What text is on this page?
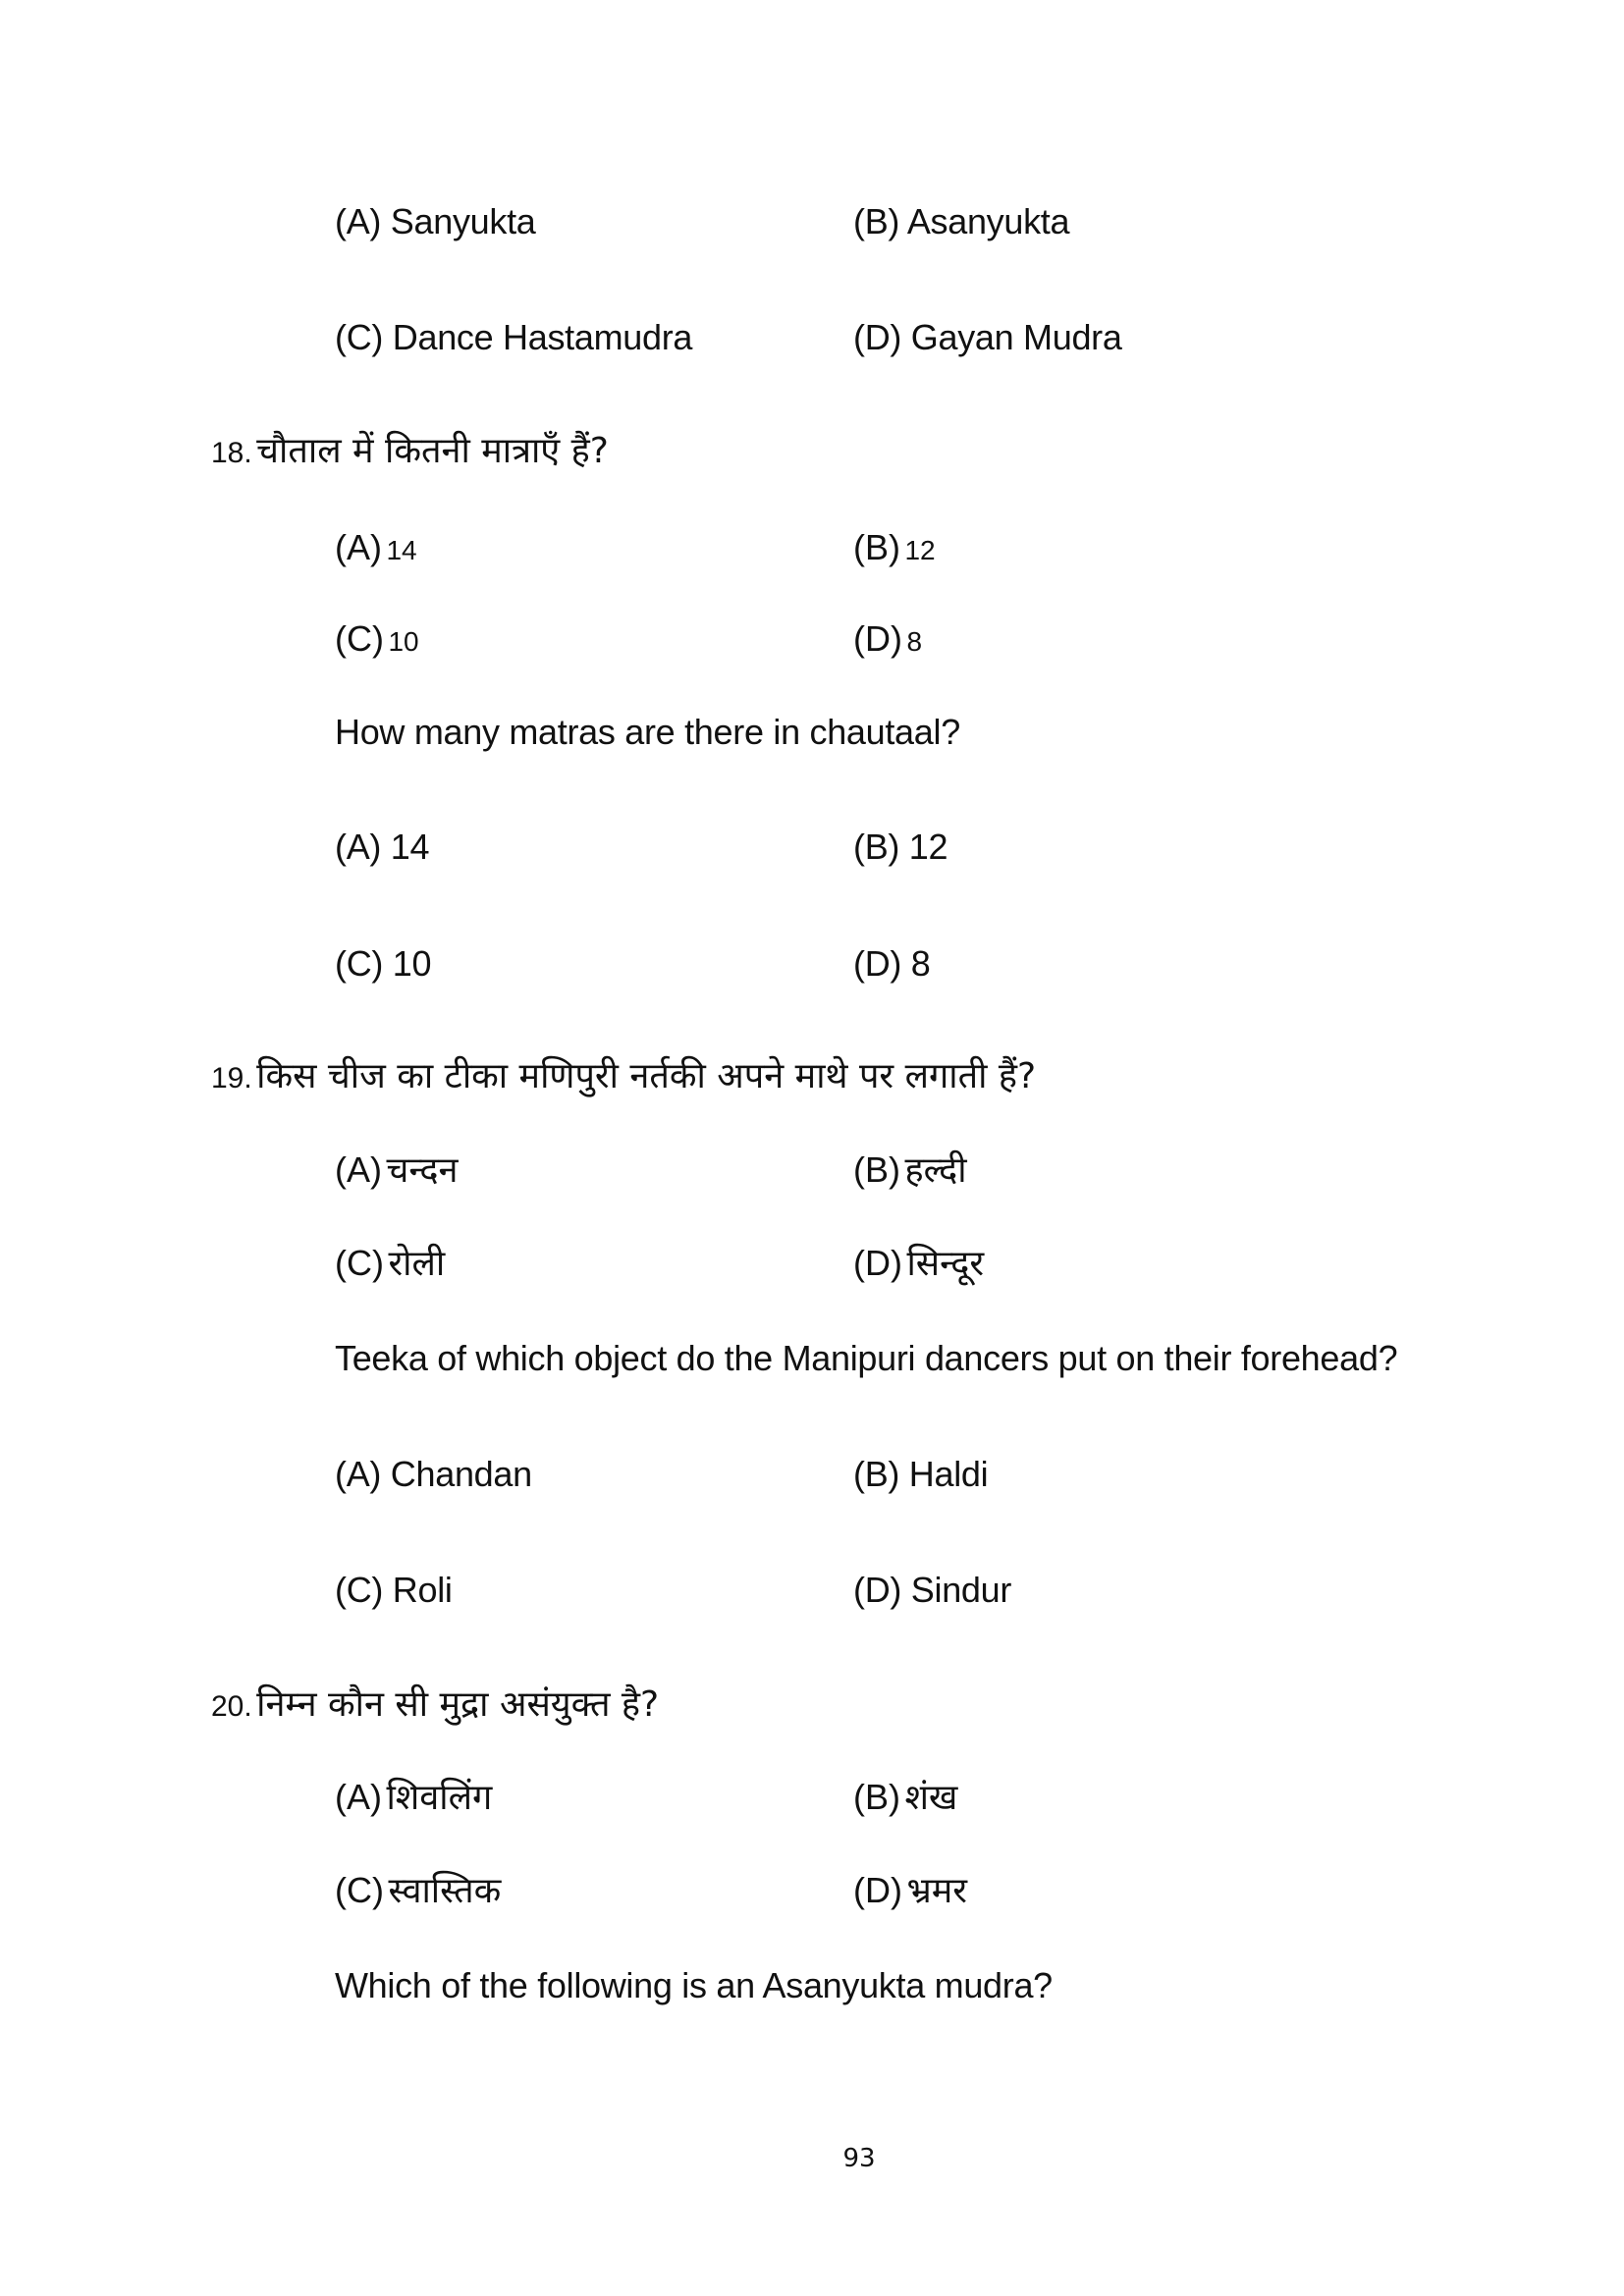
(A) Sanyukta	(B) Asanyukta
(C) Dance Hastamudra	(D) Gayan Mudra
18. चौताल में कितनी मात्राएँ हैं?
(A) 14	(B) 12
(C) 10	(D) 8
How many matras are there in chautaal?
(A) 14	(B) 12
(C) 10	(D) 8
19. किस चीज का टीका मणिपुरी नर्तकी अपने माथे पर लगाती हैं?
(A) चन्दन	(B) हल्दी
(C) रोली	(D) सिन्दूर
Teeka of which object do the Manipuri dancers put on their forehead?
(A) Chandan	(B) Haldi
(C) Roli	(D) Sindur
20. निम्न कौन सी मुद्रा असंयुक्त है?
(A) शिवलिंग	(B) शंख
(C) स्वास्तिक	(D) भ्रमर
Which of the following is an Asanyukta mudra?
93
